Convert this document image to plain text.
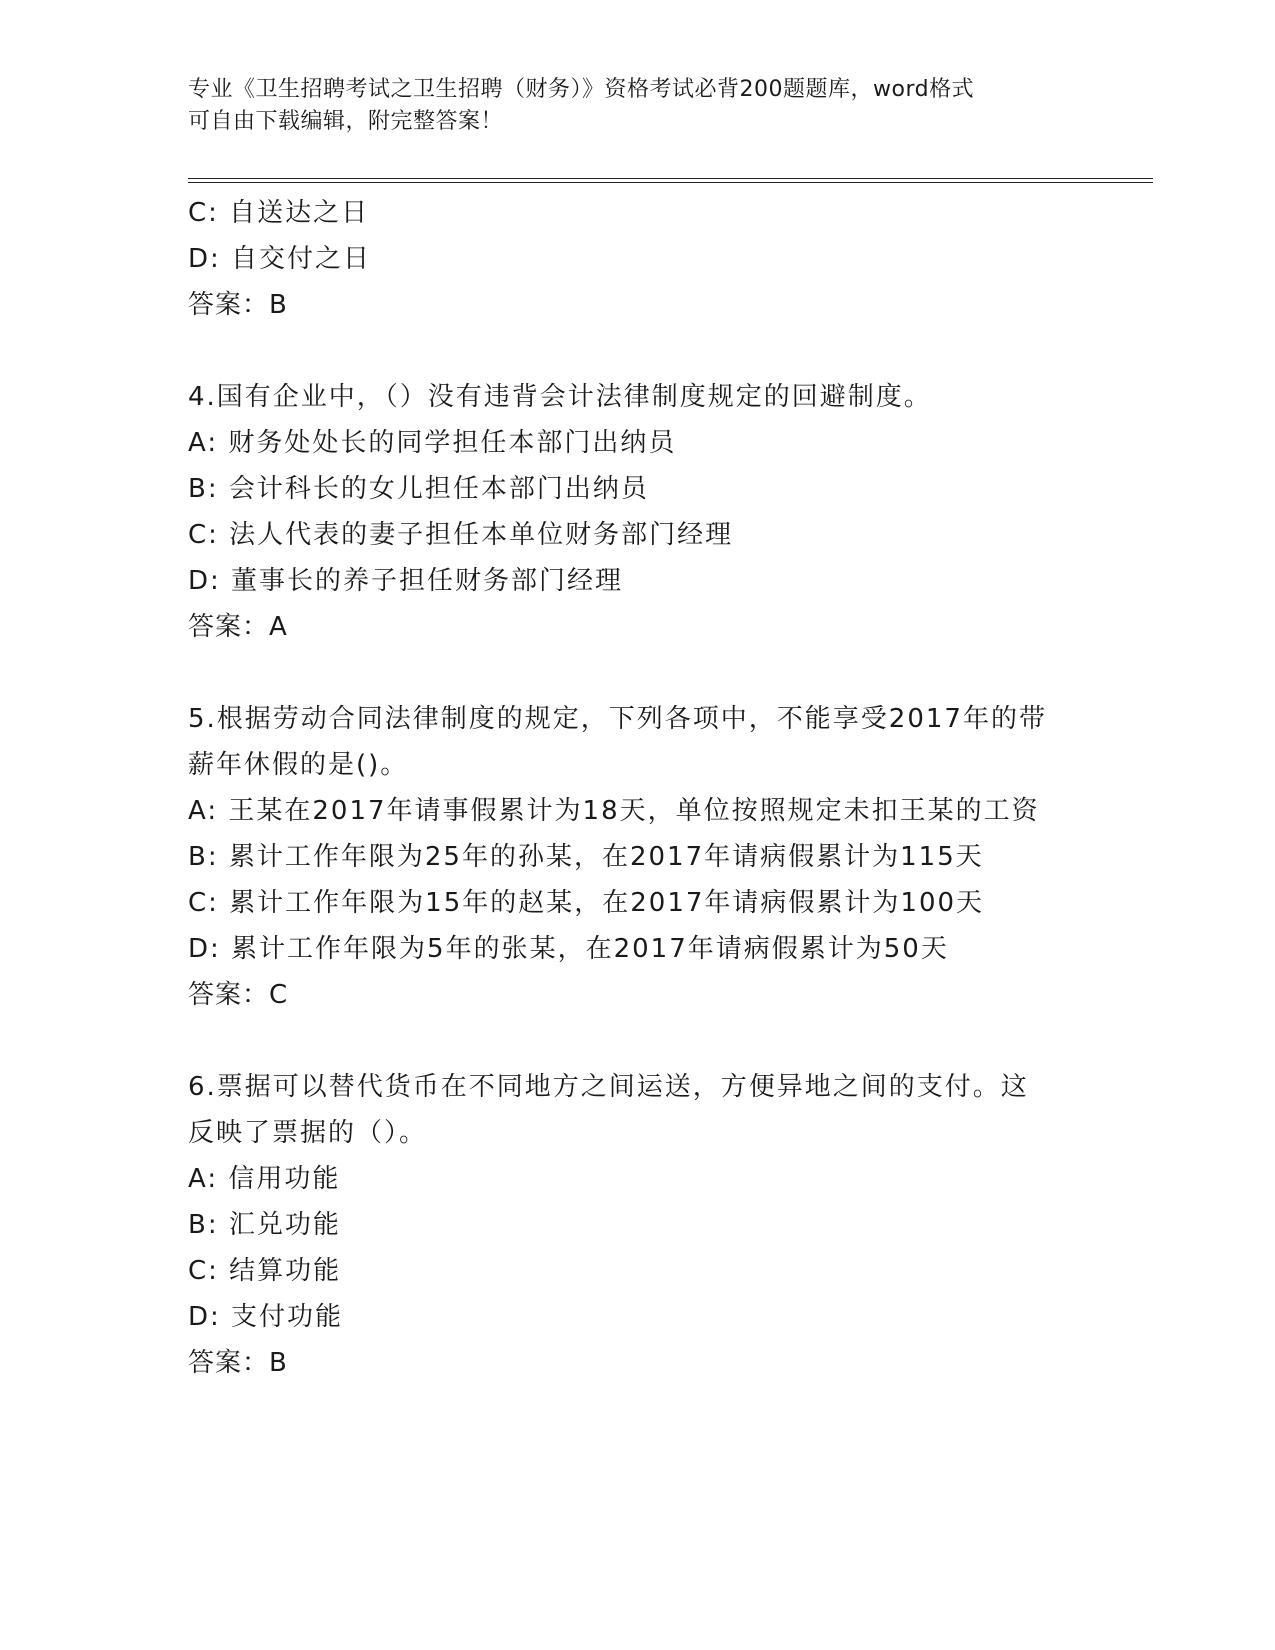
专业《卫生招聘考试之卫生招聘（财务）》资格考试必背200题题库，word格式
可自由下载编辑，附完整答案！
C: 自送达之日
D: 自交付之日
答案：B
4.国有企业中，（）没有违背会计法律制度规定的回避制度。
A: 财务处处长的同学担任本部门出纳员
B: 会计科长的女儿担任本部门出纳员
C: 法人代表的妻子担任本单位财务部门经理
D: 董事长的养子担任财务部门经理
答案：A
5.根据劳动合同法律制度的规定，下列各项中，不能享受2017年的带
薪年休假的是()。
A: 王某在2017年请事假累计为18天，单位按照规定未扣王某的工资
B: 累计工作年限为25年的孙某，在2017年请病假累计为115天
C: 累计工作年限为15年的赵某，在2017年请病假累计为100天
D: 累计工作年限为5年的张某，在2017年请病假累计为50天
答案：C
6.票据可以替代货币在不同地方之间运送，方便异地之间的支付。这
反映了票据的（）。
A: 信用功能
B: 汇兑功能
C: 结算功能
D: 支付功能
答案：B
